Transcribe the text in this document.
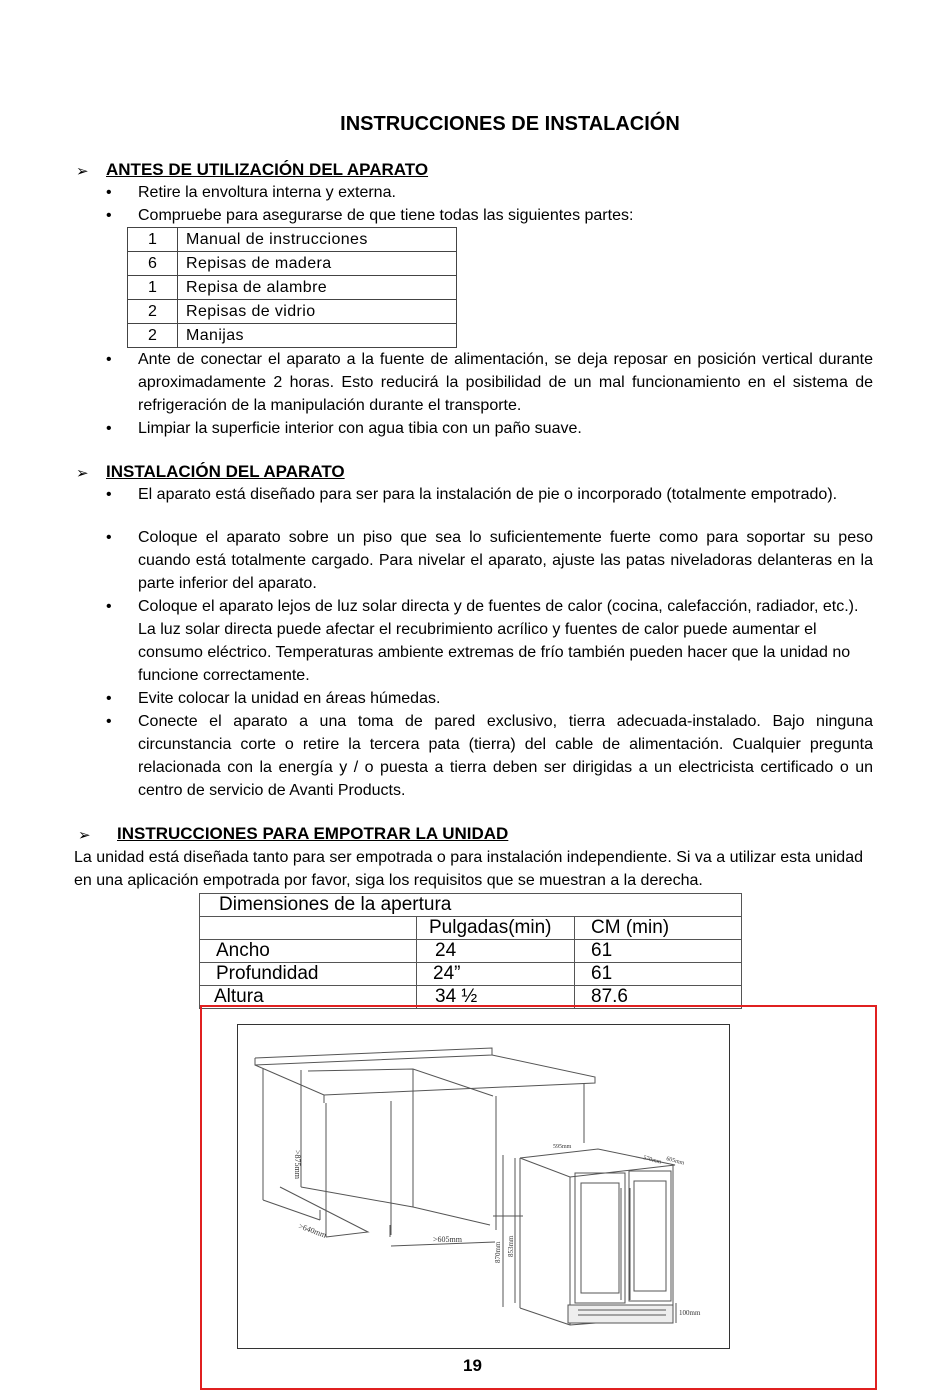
INSTRUCCIONES DE INSTALACIÓN
➢ ANTES DE UTILIZACIÓN DEL APARATO
• Retire la envoltura interna y externa.
• Compruebe para asegurarse de que tiene todas las siguientes partes:
1	Manual de instrucciones
6	Repisas de madera
1	Repisa de alambre
2	Repisas de vidrio
2	Manijas
• Ante de conectar el aparato a la fuente de alimentación, se deja reposar en posición vertical durante aproximadamente 2 horas. Esto reducirá la posibilidad de un mal funcionamiento en el sistema de refrigeración de la manipulación durante el transporte.
• Limpiar la superficie interior con agua tibia con un paño suave.
➢ INSTALACIÓN DEL APARATO
• El aparato está diseñado para ser para la instalación de pie o incorporado (totalmente empotrado).
• Coloque el aparato sobre un piso que sea lo suficientemente fuerte como para soportar su peso cuando está totalmente cargado. Para nivelar el aparato, ajuste las patas niveladoras delanteras en la parte inferior del aparato.
• Coloque el aparato lejos de luz solar directa y de fuentes de calor (cocina, calefacción, radiador, etc.). La luz solar directa puede afectar el recubrimiento acrílico y fuentes de calor puede aumentar el consumo eléctrico. Temperaturas ambiente extremas de frío también pueden hacer que la unidad no funcione correctamente.
• Evite colocar la unidad en áreas húmedas.
• Conecte el aparato a una toma de pared exclusivo, tierra adecuada-instalado. Bajo ninguna circunstancia corte o retire la tercera pata (tierra) del cable de alimentación. Cualquier pregunta relacionada con la energía y / o puesta a tierra deben ser dirigidas a un electricista certificado o un centro de servicio de Avanti Products.
➢ INSTRUCCIONES PARA EMPOTRAR LA UNIDAD
La unidad está diseñada tanto para ser empotrada o para instalación independiente. Si va a utilizar esta unidad en una aplicación empotrada por favor, siga los requisitos que se muestran a la derecha.
Dimensiones de la apertura		
	Pulgadas(min)	CM (min)
Ancho	24	61
Profundidad	24”	61
Altura	34 ½	87.6
>875mm
>640mm	>605mm
595mm
570mm 605mm
870mm 853mm
100mm
19
